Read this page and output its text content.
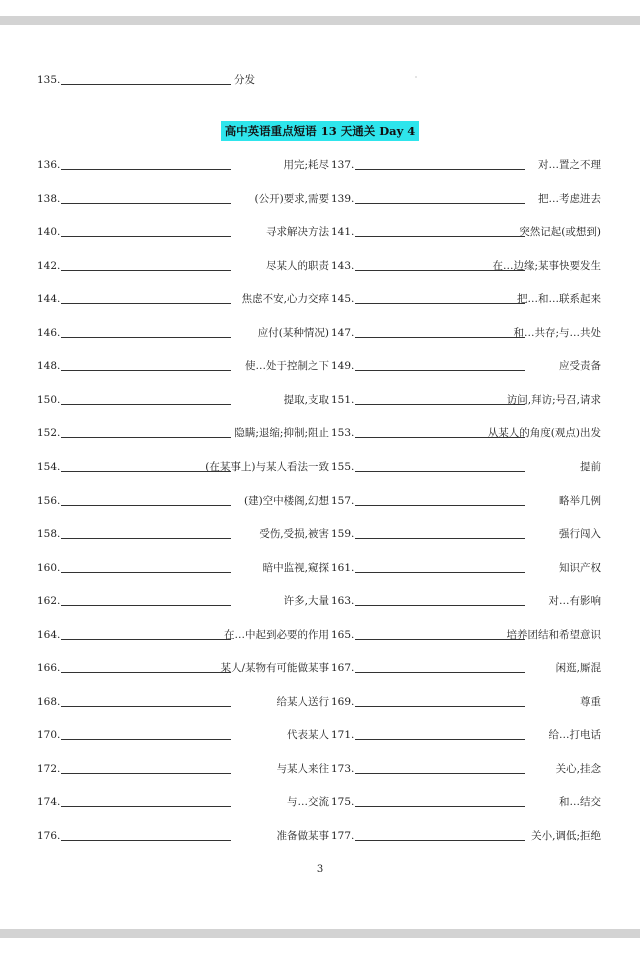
135.	分发
高中英语重点短语 13 天通关 Day 4
136.	用完;耗尽 137.	对…置之不理
138.	(公开)要求,需要 139.	把…考虑进去
140.	寻求解决方法 141.	突然记起(或想到)
142.	尽某人的职责 143.	在…边缘;某事快要发生
144.	焦虑不安,心力交瘁 145.	把…和…联系起来
146.	应付(某种情况) 147.	和…共存;与…共处
148.	使…处于控制之下 149.	应受责备
150.	提取,支取 151.	访问,拜访;号召,请求
152.	隐瞒;退缩;抑制;阻止 153.	从某人的角度(观点)出发
154.	(在某事上)与某人看法一致 155.	提前
156.	(建)空中楼阁,幻想 157.	略举几例
158.	受伤,受损,被害 159.	强行闯入
160.	暗中监视,窥探 161.	知识产权
162.	许多,大量 163.	对…有影响
164.	在…中起到必要的作用 165.	培养团结和希望意识
166.	某人/某物有可能做某事 167.	闲逛,厮混
168.	给某人送行 169.	尊重
170.	代表某人 171.	给…打电话
172.	与某人来往 173.	关心,挂念
174.	与…交流 175.	和…结交
176.	准备做某事 177.	关小,调低;拒绝
3
